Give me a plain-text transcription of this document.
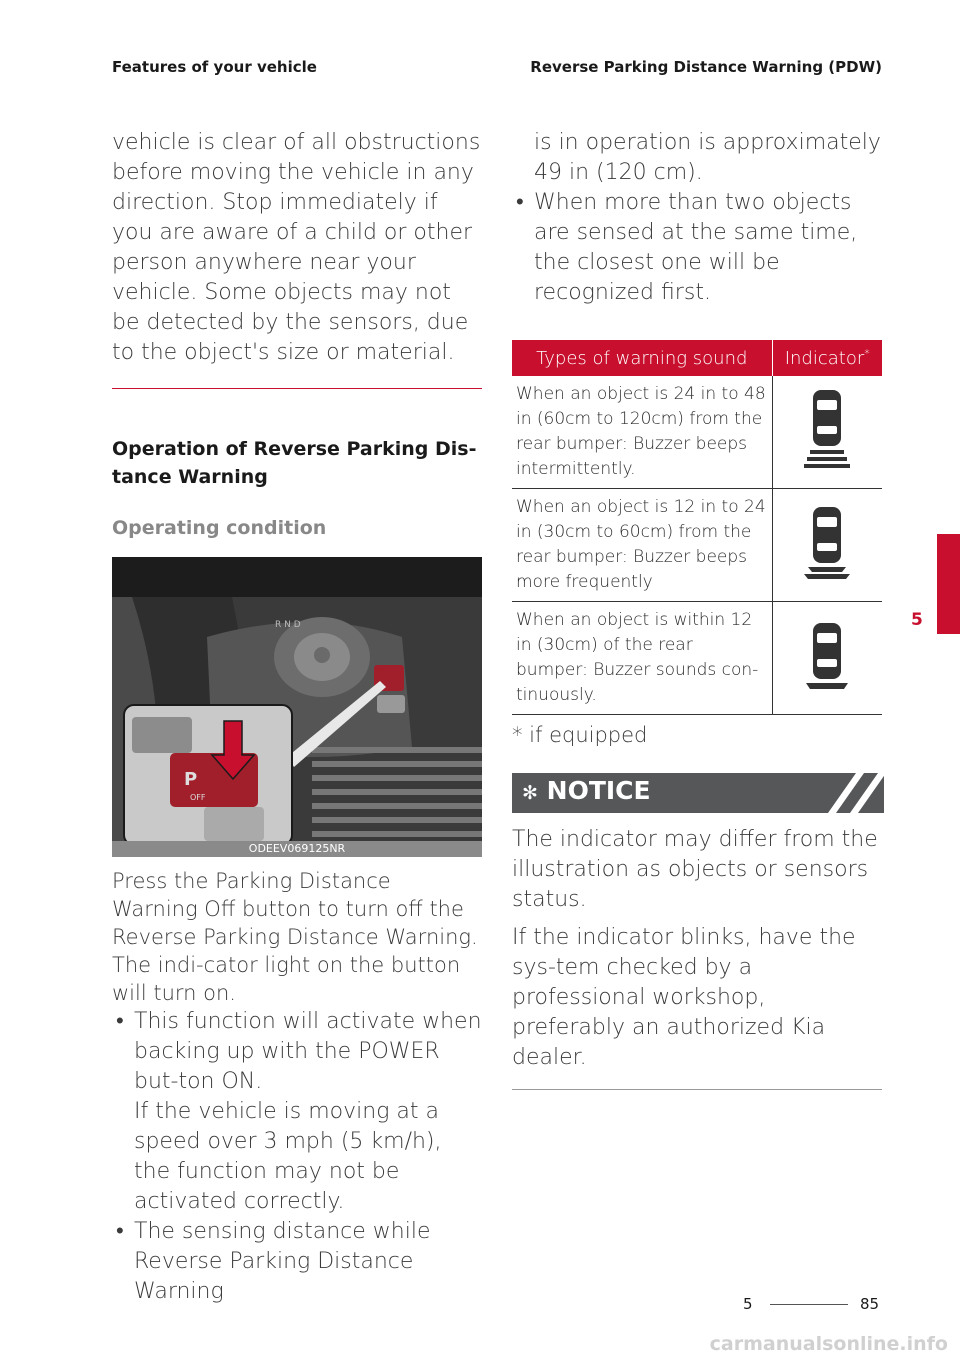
Features of your vehicle	Reverse Parking Distance Warning (PDW)

vehicle is clear of all obstructions before moving the vehicle in any direction. Stop immediately if you are aware of a child or other person anywhere near your vehicle. Some objects may not be detected by the sensors, due to the object's size or material.

Operation of Reverse Parking Dis-tance Warning
Operating condition
R N D
P
OFF
ODEEV069125NR

Press the Parking Distance Warning Off button to turn off the Reverse Parking Distance Warning. The indi-cator light on the button will turn on.

• This function will activate when backing up with the POWER but-ton ON.
If the vehicle is moving at a speed over 3 mph (5 km/h), the function may not be activated correctly.
• The sensing distance while Reverse Parking Distance Warning
is in operation is approximately 49 in (120 cm).
• When more than two objects are sensed at the same time, the closest one will be recognized first.
Types of warning sound	Indicator*
When an object is 24 in to 48 in (60cm to 120cm) from the rear bumper: Buzzer beeps intermittently.	
When an object is 12 in to 24 in (30cm to 60cm) from the rear bumper: Buzzer beeps more frequently	
When an object is within 12 in (30cm) of the rear bumper: Buzzer sounds con-tinuously.	
* if equipped
✻ NOTICE

The indicator may differ from the illustration as objects or sensors status.

If the indicator blinks, have the sys-tem checked by a professional workshop, preferably an authorized Kia dealer.

5
5	85
carmanualsonline.info
